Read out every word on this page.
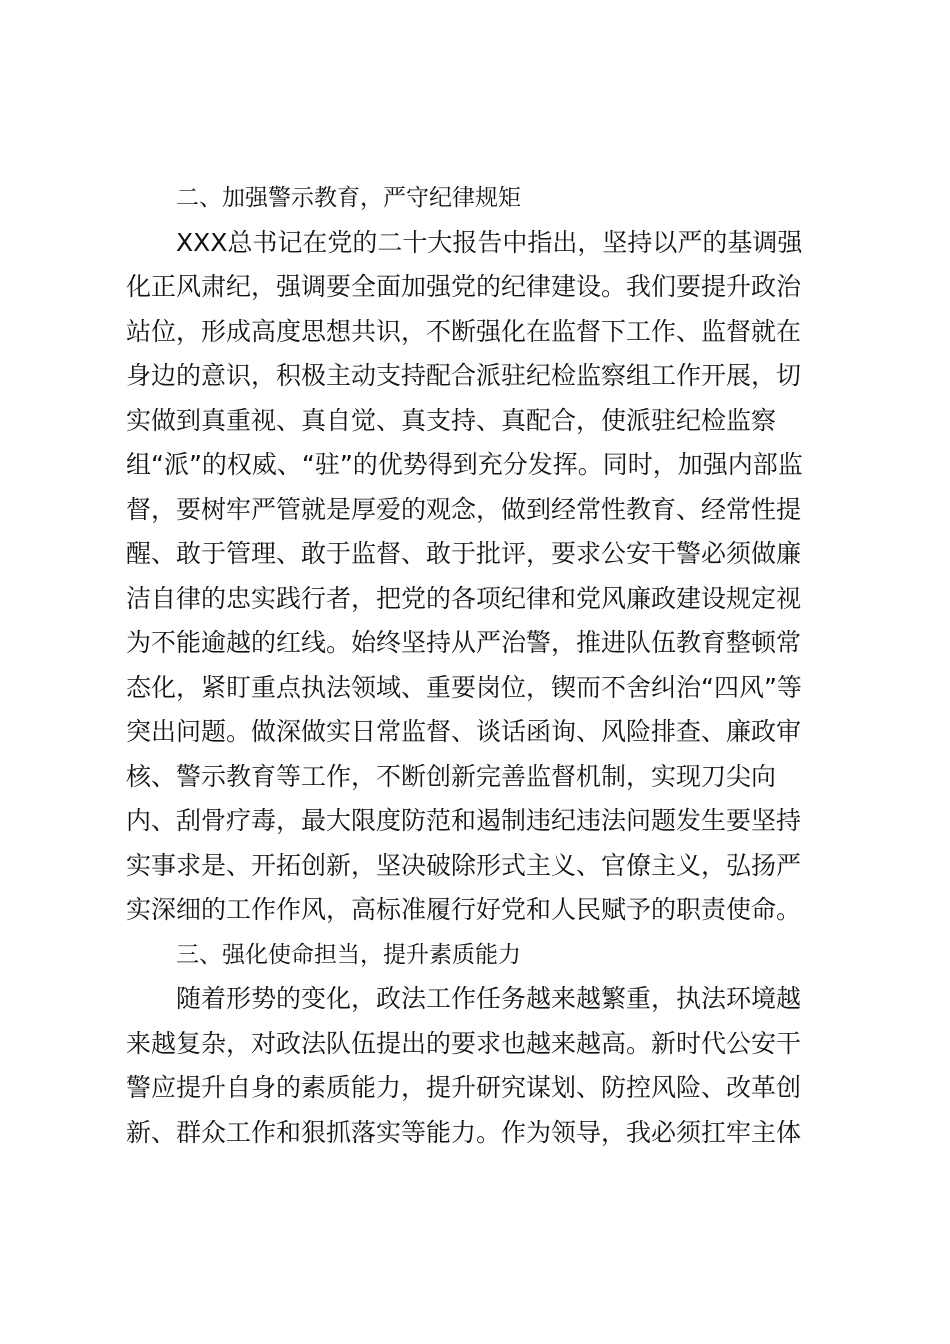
二、加强警示教育，严守纪律规矩
XXX总书记在党的二十大报告中指出，坚持以严的基调强
化正风肃纪，强调要全面加强党的纪律建设。我们要提升政治
站位，形成高度思想共识，不断强化在监督下工作、监督就在
身边的意识，积极主动支持配合派驻纪检监察组工作开展，切
实做到真重视、真自觉、真支持、真配合，使派驻纪检监察
组“派”的权威、“驻”的优势得到充分发挥。同时，加强内部监
督，要树牢严管就是厚爱的观念，做到经常性教育、经常性提
醒、敢于管理、敢于监督、敢于批评，要求公安干警必须做廉
洁自律的忠实践行者，把党的各项纪律和党风廉政建设规定视
为不能逾越的红线。始终坚持从严治警，推进队伍教育整顿常
态化，紧盯重点执法领域、重要岗位，锲而不舍纠治“四风”等
突出问题。做深做实日常监督、谈话函询、风险排查、廉政审
核、警示教育等工作，不断创新完善监督机制，实现刀尖向
内、刮骨疗毒，最大限度防范和遏制违纪违法问题发生要坚持
实事求是、开拓创新，坚决破除形式主义、官僚主义，弘扬严
实深细的工作作风，高标准履行好党和人民赋予的职责使命。
三、强化使命担当，提升素质能力
随着形势的变化，政法工作任务越来越繁重，执法环境越
来越复杂，对政法队伍提出的要求也越来越高。新时代公安干
警应提升自身的素质能力，提升研究谋划、防控风险、改革创
新、群众工作和狠抓落实等能力。作为领导，我必须扛牢主体
